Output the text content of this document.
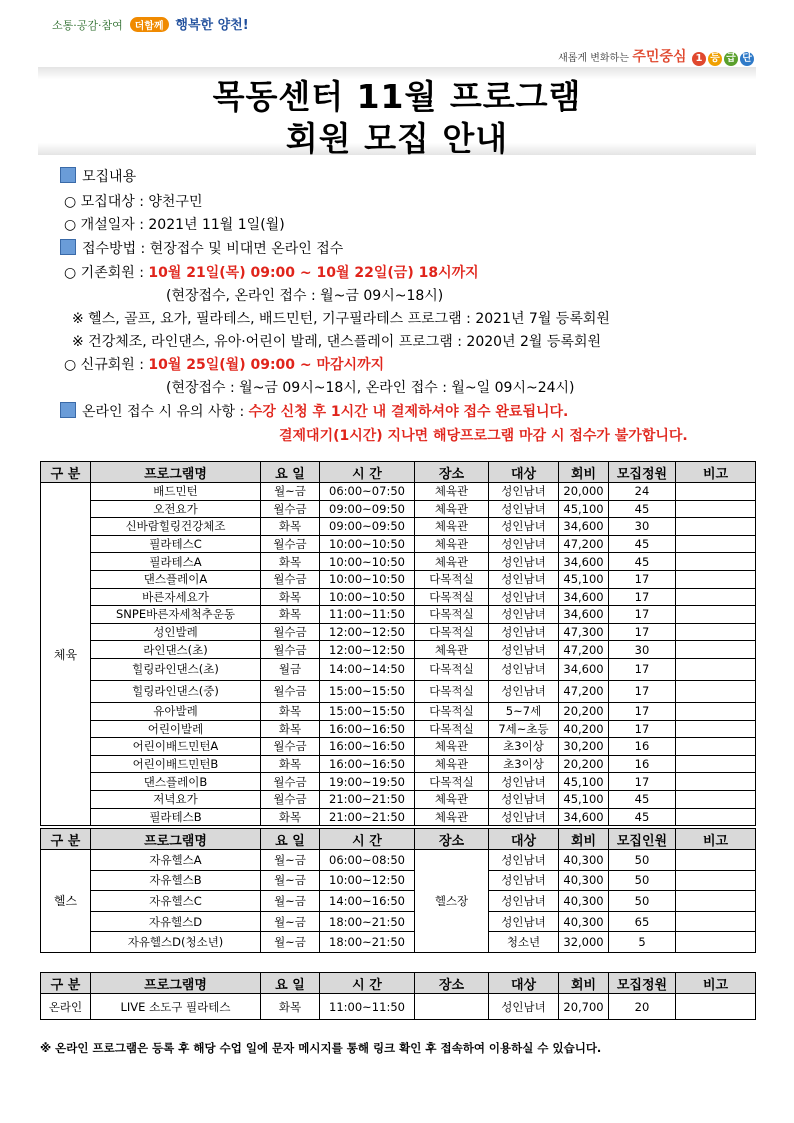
소통·공감·참여 더함께 행복한 양천!
새롭게 변화하는 주민중심 1 등 급 단
목동센터 11월 프로그램
회원 모집 안내
모집내용
○ 모집대상 : 양천구민
○ 개설일자 : 2021년 11월 1일(월)
접수방법 : 현장접수 및 비대면 온라인 접수
○ 기존회원 : 10월 21일(목) 09:00 ~ 10월 22일(금) 18시까지
(현장접수, 온라인 접수 : 월~금 09시~18시)
※ 헬스, 골프, 요가, 필라테스, 배드민턴, 기구필라테스 프로그램 : 2021년 7월 등록회원
※ 건강체조, 라인댄스, 유아·어린이 발레, 댄스플레이 프로그램 : 2020년 2월 등록회원
○ 신규회원 : 10월 25일(월) 09:00 ~ 마감시까지
(현장접수 : 월~금 09시~18시, 온라인 접수 : 월~일 09시~24시)
온라인 접수 시 유의 사항 : 수강 신청 후 1시간 내 결제하셔야 접수 완료됩니다.
결제대기(1시간) 지나면 해당프로그램 마감 시 접수가 불가합니다.
구 분	프로그램명	요 일	시 간	장소	대상	회비	모집정원	비고
체육	배드민턴	월~금	06:00~07:50	체육관	성인남녀	20,000	24	
	오전요가	월수금	09:00~09:50	체육관	성인남녀	45,100	45	
	신바람힐링건강체조	화목	09:00~09:50	체육관	성인남녀	34,600	30	
	필라테스C	월수금	10:00~10:50	체육관	성인남녀	47,200	45	
	필라테스A	화목	10:00~10:50	체육관	성인남녀	34,600	45	
	댄스플레이A	월수금	10:00~10:50	다목적실	성인남녀	45,100	17	
	바른자세요가	화목	10:00~10:50	다목적실	성인남녀	34,600	17	
	SNPE바른자세척추운동	화목	11:00~11:50	다목적실	성인남녀	34,600	17	
	성인발레	월수금	12:00~12:50	다목적실	성인남녀	47,300	17	
	라인댄스(초)	월수금	12:00~12:50	체육관	성인남녀	47,200	30	
	힐링라인댄스(초)	월금	14:00~14:50	다목적실	성인남녀	34,600	17	
	힐링라인댄스(중)	월수금	15:00~15:50	다목적실	성인남녀	47,200	17	
	유아발레	화목	15:00~15:50	다목적실	5~7세	20,200	17	
	어린이발레	화목	16:00~16:50	다목적실	7세~초등	40,200	17	
	어린이배드민턴A	월수금	16:00~16:50	체육관	초3이상	30,200	16	
	어린이배드민턴B	화목	16:00~16:50	체육관	초3이상	20,200	16	
	댄스플레이B	월수금	19:00~19:50	다목적실	성인남녀	45,100	17	
	저녁요가	월수금	21:00~21:50	체육관	성인남녀	45,100	45	
	필라테스B	화목	21:00~21:50	체육관	성인남녀	34,600	45	
구 분	프로그램명	요 일	시 간	장소	대상	회비	모집인원	비고
헬스	자유헬스A	월~금	06:00~08:50	헬스장	성인남녀	40,300	50	
	자유헬스B	월~금	10:00~12:50		성인남녀	40,300	50	
	자유헬스C	월~금	14:00~16:50		성인남녀	40,300	50	
	자유헬스D	월~금	18:00~21:50		성인남녀	40,300	65	
	자유헬스D(청소년)	월~금	18:00~21:50		청소년	32,000	5	
구 분	프로그램명	요 일	시 간	장소	대상	회비	모집정원	비고
온라인	LIVE 소도구 필라테스	화목	11:00~11:50		성인남녀	20,700	20	
※ 온라인 프로그램은 등록 후 해당 수업 일에 문자 메시지를 통해 링크 확인 후 접속하여 이용하실 수 있습니다.
